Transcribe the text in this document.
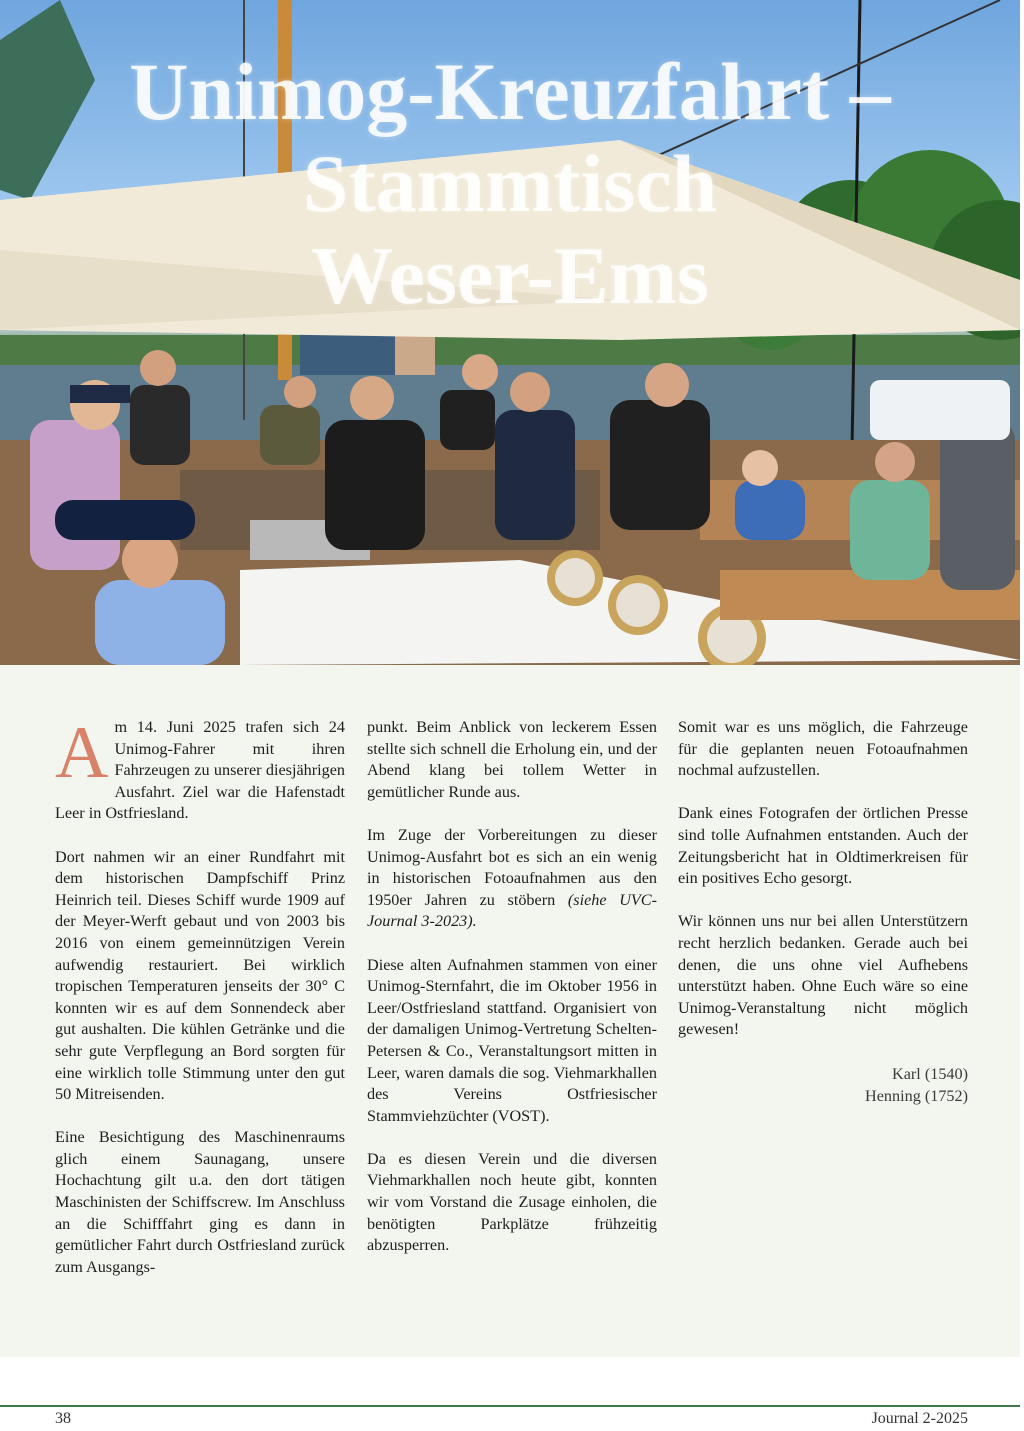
Unimog-Kreuzfahrt –
Stammtisch
Weser-Ems

A m 14. Juni 2025 trafen sich 24 Unimog-Fahrer mit ihren Fahrzeugen zu unserer diesjährigen Ausfahrt. Ziel war die Hafenstadt Leer in Ostfriesland.

Dort nahmen wir an einer Rundfahrt mit dem historischen Dampfschiff Prinz Heinrich teil. Dieses Schiff wurde 1909 auf der Meyer-Werft gebaut und von 2003 bis 2016 von einem gemeinnützigen Verein aufwendig restauriert. Bei wirklich tropischen Temperaturen jenseits der 30° C konnten wir es auf dem Sonnendeck aber gut aushalten. Die kühlen Getränke und die sehr gute Verpflegung an Bord sorgten für eine wirklich tolle Stimmung unter den gut 50 Mitreisenden.

Eine Besichtigung des Maschinenraums glich einem Saunagang, unsere Hochachtung gilt u.a. den dort tätigen Maschinisten der Schiffscrew. Im Anschluss an die Schifffahrt ging es dann in gemütlicher Fahrt durch Ostfriesland zurück zum Ausgangs-

punkt. Beim Anblick von leckerem Essen stellte sich schnell die Erholung ein, und der Abend klang bei tollem Wetter in gemütlicher Runde aus.

Im Zuge der Vorbereitungen zu dieser Unimog-Ausfahrt bot es sich an ein wenig in historischen Fotoaufnahmen aus den 1950er Jahren zu stöbern (siehe UVC-Journal 3-2023).

Diese alten Aufnahmen stammen von einer Unimog-Sternfahrt, die im Oktober 1956 in Leer/Ostfriesland stattfand. Organisiert von der damaligen Unimog-Vertretung Schelten-Petersen & Co., Veranstaltungsort mitten in Leer, waren damals die sog. Viehmarkhallen des Vereins Ostfriesischer Stammviehzüchter (VOST).

Da es diesen Verein und die diversen Viehmarkhallen noch heute gibt, konnten wir vom Vorstand die Zusage einholen, die benötigten Parkplätze frühzeitig abzusperren.

Somit war es uns möglich, die Fahrzeuge für die geplanten neuen Fotoaufnahmen nochmal aufzustellen.

Dank eines Fotografen der örtlichen Presse sind tolle Aufnahmen entstanden. Auch der Zeitungsbericht hat in Oldtimerkreisen für ein positives Echo gesorgt.

Wir können uns nur bei allen Unterstützern recht herzlich bedanken. Gerade auch bei denen, die uns ohne viel Aufhebens unterstützt haben. Ohne Euch wäre so eine Unimog-Veranstaltung nicht möglich gewesen!

Karl (1540)
Henning (1752)
38	Journal 2-2025
